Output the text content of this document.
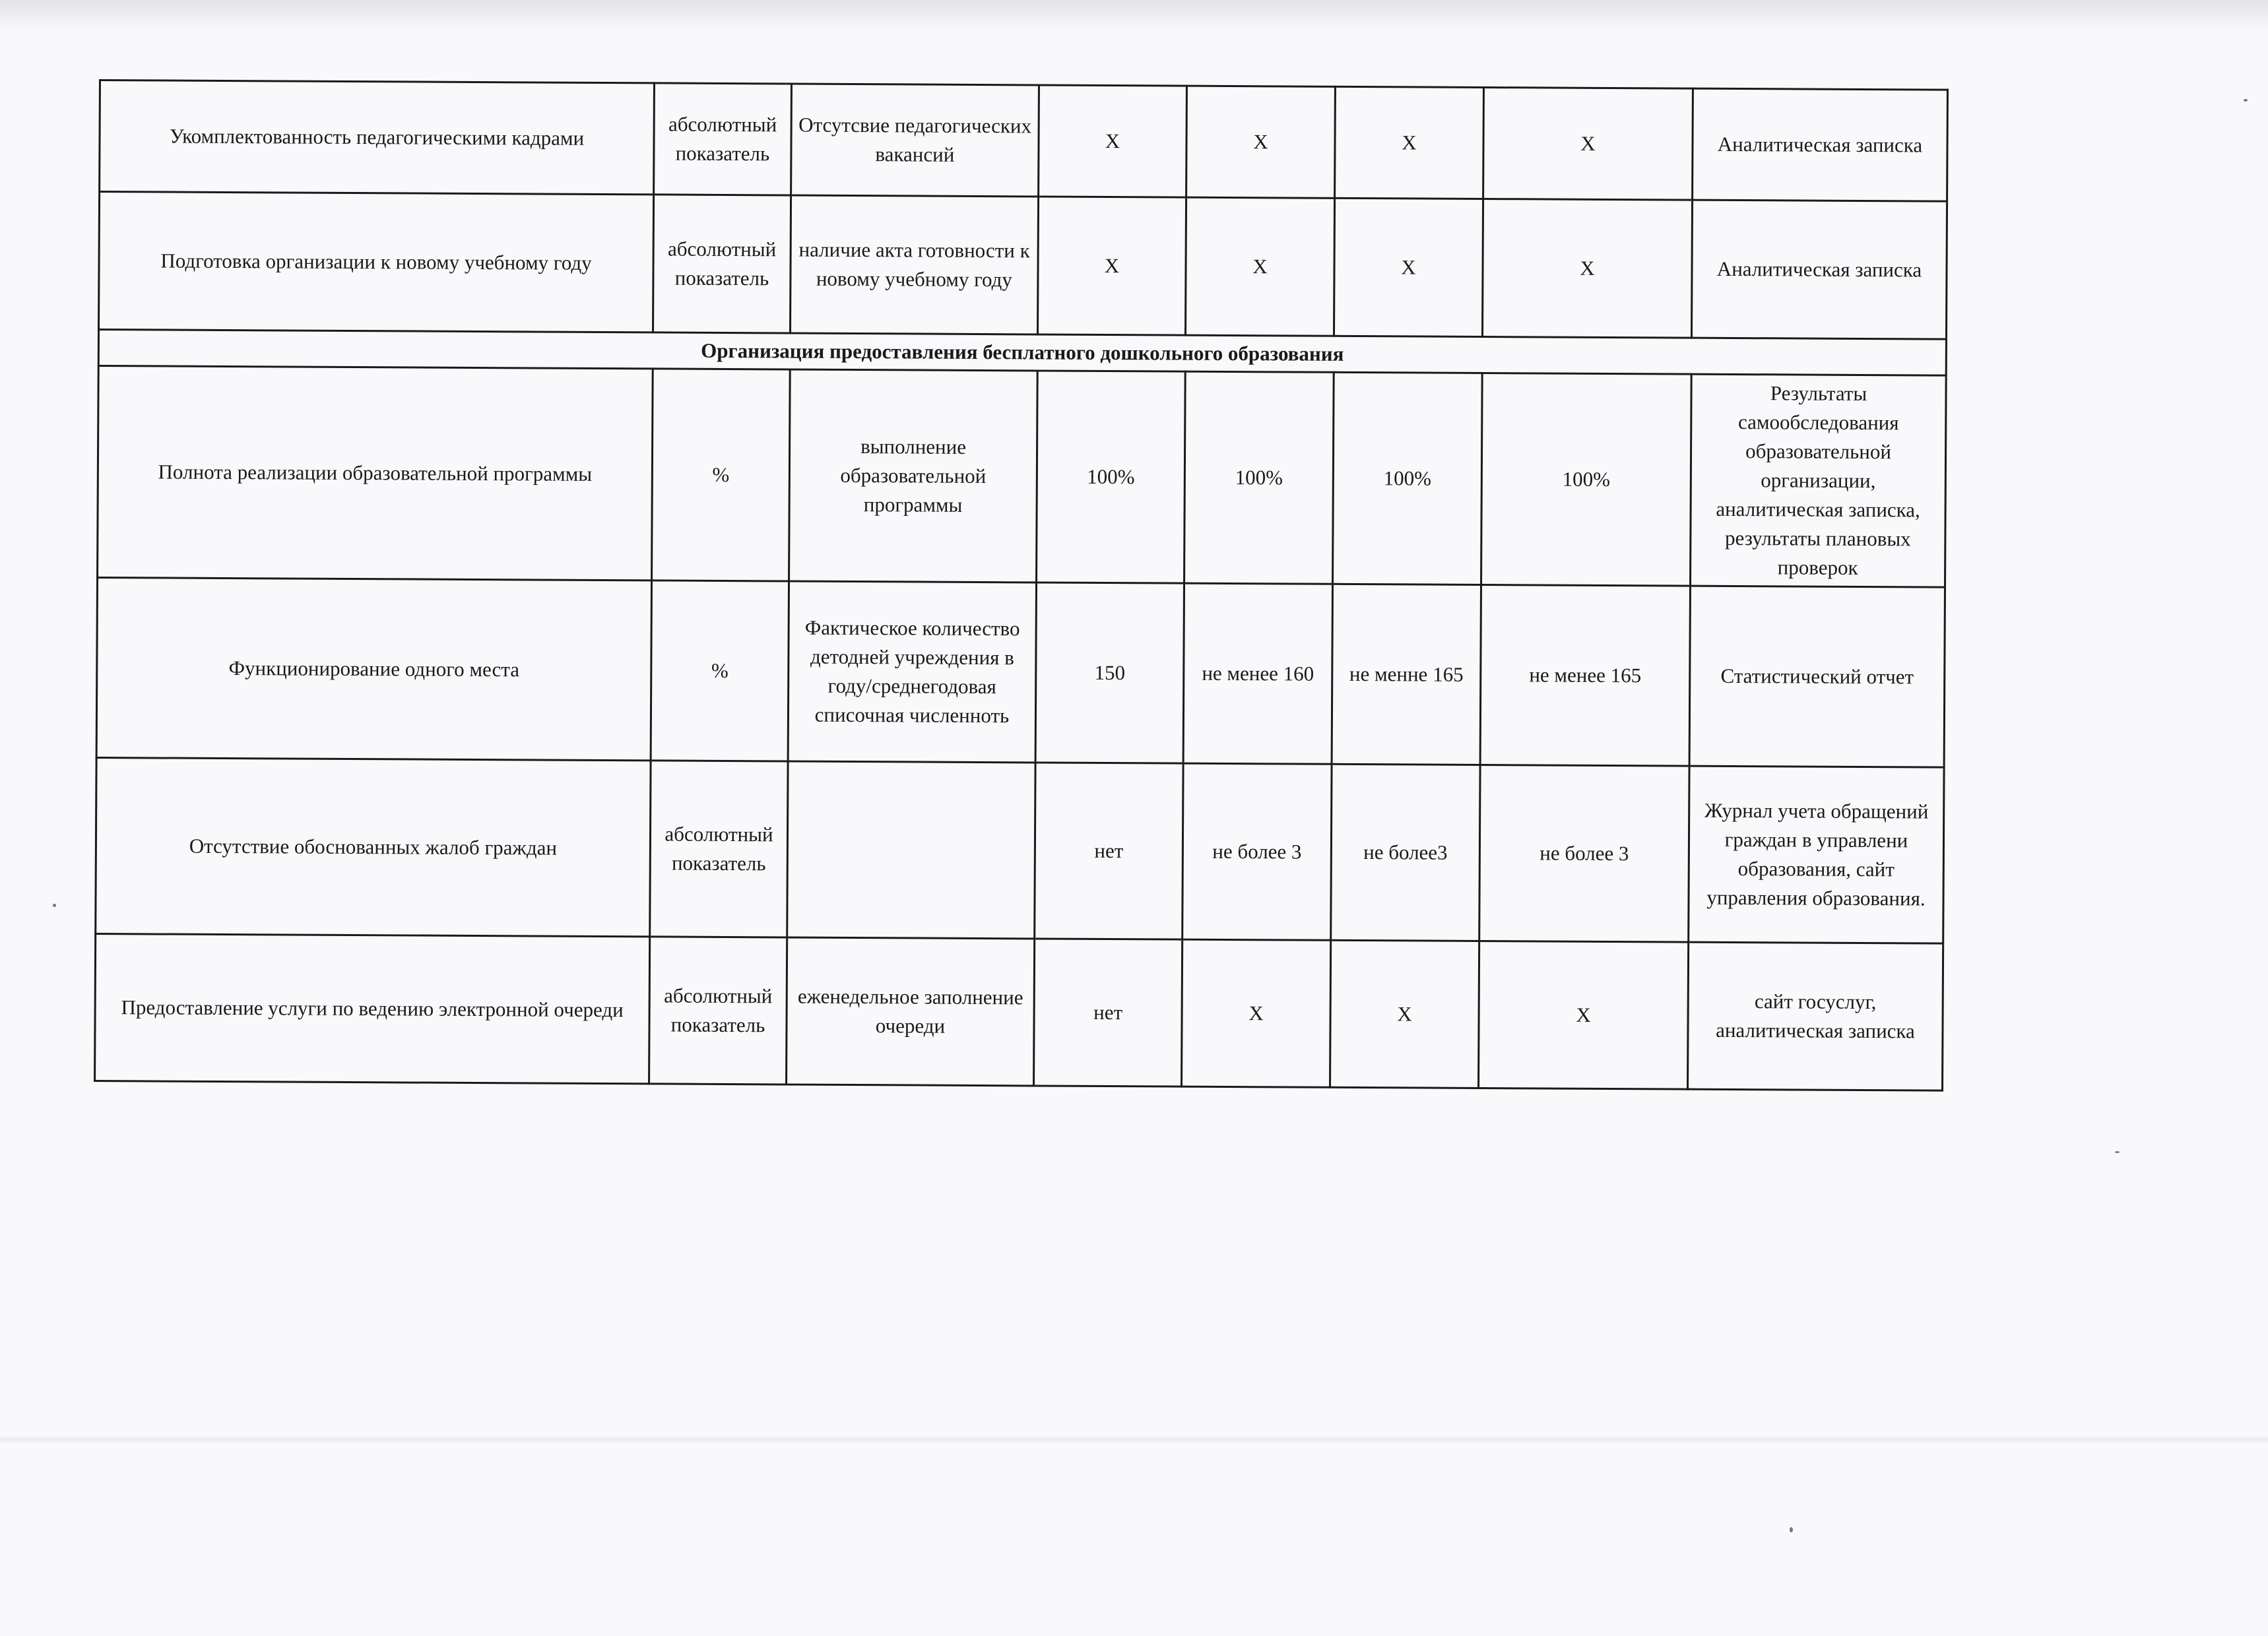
Укомплектованность педагогическими кадрами	абсолютный показатель	Отсутсвие педагогических вакансий	X	X	X	X	Аналитическая записка
Подготовка организации к новому учебному году	абсолютный показатель	наличие акта готовности к новому учебному году	X	X	X	X	Аналитическая записка
Организация предоставления бесплатного дошкольного образования							
Полнота реализации образовательной программы	%	выполнение образовательной программы	100%	100%	100%	100%	Результаты самообследования образовательной организации, аналитическая записка, результаты плановых проверок
Функционирование одного места	%	Фактическое количество детодней учреждения в году/среднегодовая списочная численноть	150	не менее 160	не менне 165	не менее 165	Статистический отчет
Отсутствие обоснованных жалоб граждан	абсолютный показатель		нет	не более 3	не более3	не более 3	Журнал учета обращений граждан в управлени образования, сайт управления образования.
Предоставление услуги по ведению электронной очереди	абсолютный показатель	еженедельное заполнение очереди	нет	X	X	X	сайт госуслуг, аналитическая записка
